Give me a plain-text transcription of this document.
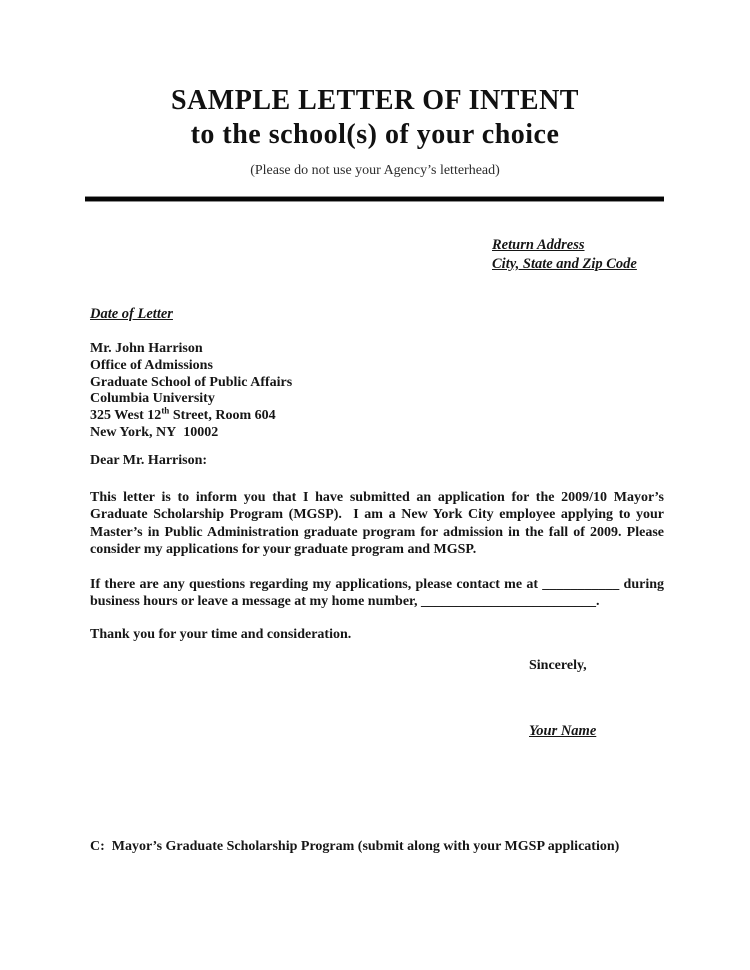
SAMPLE LETTER OF INTENT
to the school(s) of your choice
(Please do not use your Agency’s letterhead)
Return Address
City, State and Zip Code
Date of Letter
Mr. John Harrison
Office of Admissions
Graduate School of Public Affairs
Columbia University
325 West 12th Street, Room 604
New York, NY  10002
Dear Mr. Harrison:

This letter is to inform you that I have submitted an application for the 2009/10 Mayor’s Graduate Scholarship Program (MGSP).  I am a New York City employee applying to your Master’s in Public Administration graduate program for admission in the fall of 2009. Please consider my applications for your graduate program and MGSP.

If there are any questions regarding my applications, please contact me at ___________ during business hours or leave a message at my home number, _________________________.

Thank you for your time and consideration.
Sincerely,
Your Name
C:  Mayor’s Graduate Scholarship Program (submit along with your MGSP application)
